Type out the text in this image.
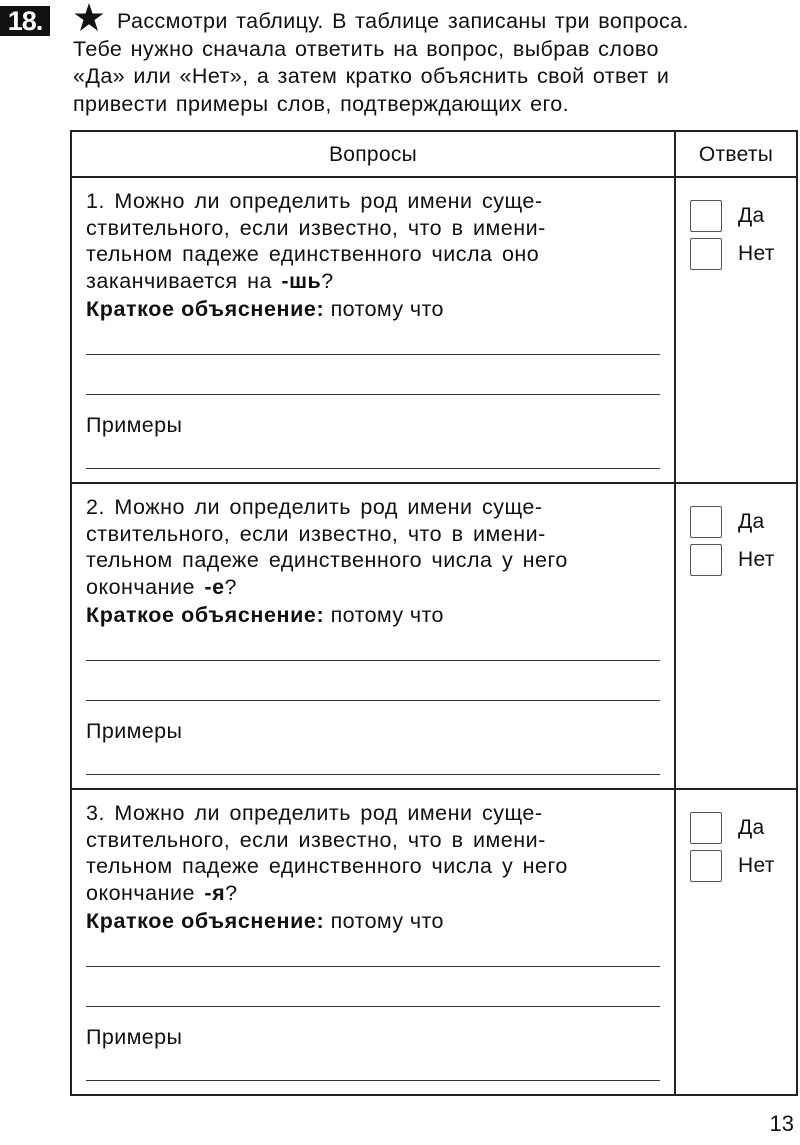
18.	Рассмотри таблицу. В таблице записаны три вопроса.
Тебе нужно сначала ответить на вопрос, выбрав слово
«Да» или «Нет», а затем кратко объяснить свой ответ и
привести примеры слов, подтверждающих его.
Вопросы	Ответы
1. Можно ли определить род имени суще-
ствительного, если известно, что в имени-
тельном падеже единственного числа оно
заканчивается на -шь?
Краткое объяснение: потому что
Примеры
Да
Нет
2. Можно ли определить род имени суще-
ствительного, если известно, что в имени-
тельном падеже единственного числа у него
окончание -е?
Краткое объяснение: потому что
Примеры
Да
Нет
3. Можно ли определить род имени суще-
ствительного, если известно, что в имени-
тельном падеже единственного числа у него
окончание -я?
Краткое объяснение: потому что
Примеры
Да
Нет
13
